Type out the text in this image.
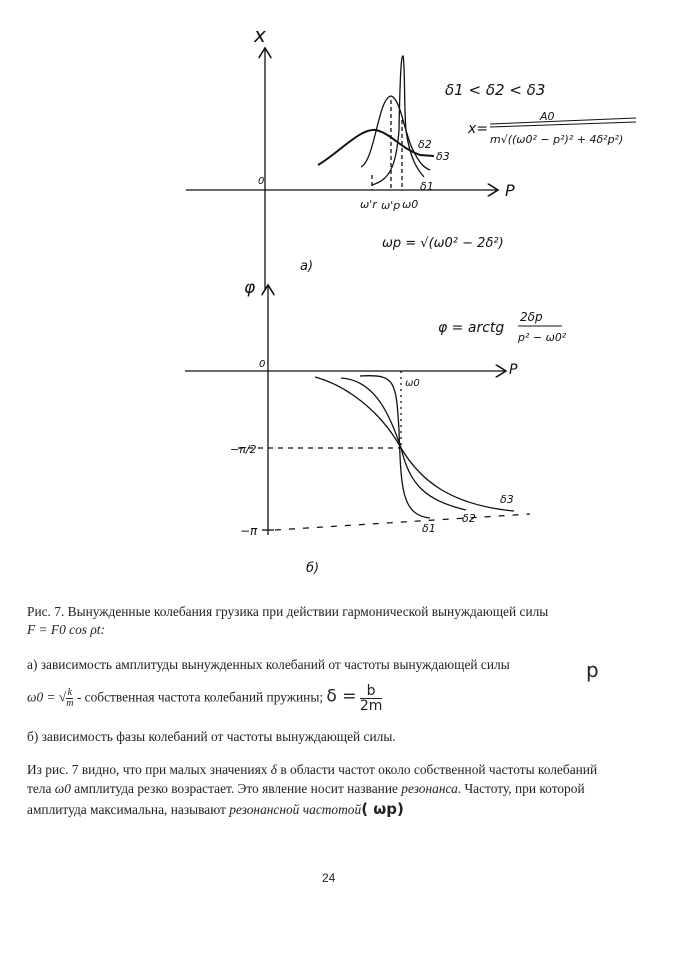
x
0	P
ω'r ω'p ω0
δ1
δ2
δ3
δ1 < δ2 < δ3
x=
A0
m√((ω0² − p²)² + 4δ²p²)
ωp = √(ω0² − 2δ²)
a)
φ
0	P
ω0
−π/2
−π	δ1
δ2
δ3
φ = arctg
2δp
p² − ω0²
б)
Рис. 7. Вынужденные колебания грузика при действии гармонической вынуждающей силы
F = F0 cos ρt:
а) зависимость амплитуды вынужденных колебаний от частоты вынуждающей силы	p
ω0 = √ $\frac{k}{m}$ - собственная частота колебаний пружины; $\delta = \frac{b}{2m}$
б) зависимость фазы колебаний от частоты вынуждающей силы.
Из рис. 7 видно, что при малых значениях δ в области частот около собственной частоты колебаний
тела ω0 амплитуда резко возрастает. Это явление носит название резонанса. Частоту, при которой
амплитуда максимальна, называют резонансной частотой( ωp)
24
